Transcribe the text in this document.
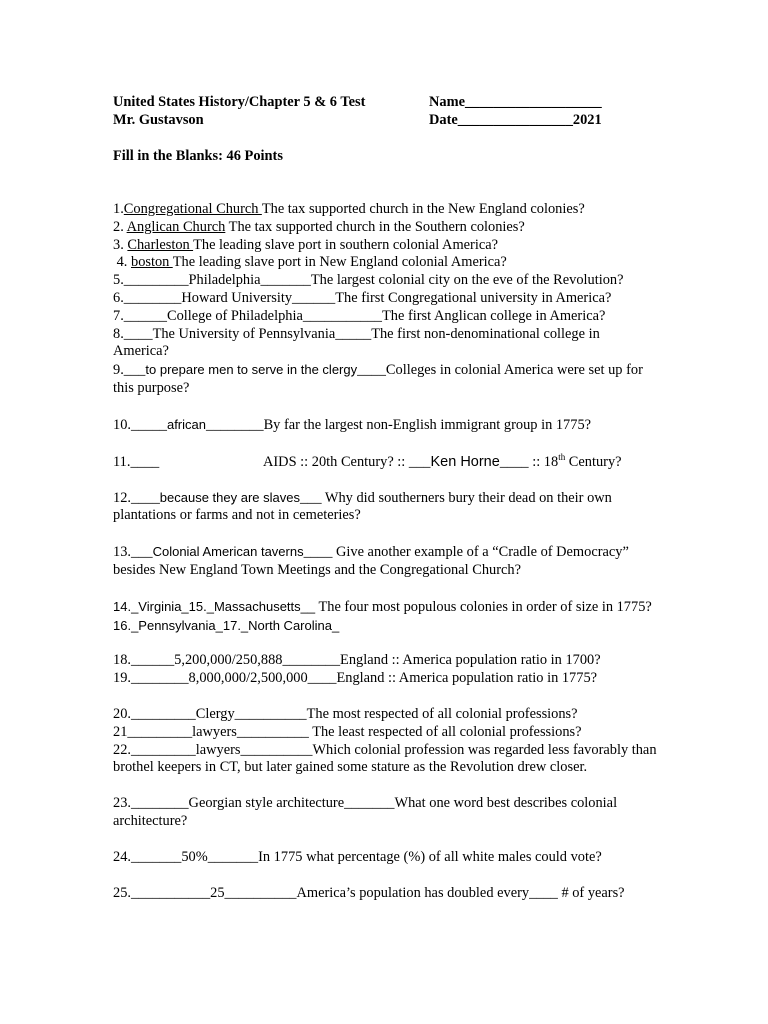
United States History/Chapter 5 & 6 Test
Mr. Gustavson
Name___________________
Date________________2021
Fill in the Blanks: 46 Points
1.Congregational Church The tax supported church in the New England colonies?
2. Anglican Church The tax supported church in the Southern colonies?
3. Charleston The leading slave port in southern colonial America?
4. boston The leading slave port in New England colonial America?
5._________Philadelphia_______The largest colonial city on the eve of the Revolution?
6.________Howard University______The first Congregational university in America?
7.______College of Philadelphia___________The first Anglican college in America?
8.____The University of Pennsylvania_____The first non-denominational college in America?
9.___to prepare men to serve in the clergy____Colleges in colonial America were set up for this purpose?
10._____african________By far the largest non-English immigrant group in 1775?
11.____	AIDS :: 20th Century? :: ___Ken Horne____ :: 18th Century?
12.____because they are slaves___ Why did southerners bury their dead on their own plantations or farms and not in cemeteries?
13.___Colonial American taverns____ Give another example of a “Cradle of Democracy” besides New England Town Meetings and the Congregational Church?
14._Virginia_15._Massachusetts__ The four most populous colonies in order of size in 1775?
16._Pennsylvania_17._North Carolina_
18.______5,200,000/250,888________England :: America population ratio in 1700?
19.________8,000,000/2,500,000____England :: America population ratio in 1775?
20._________Clergy__________The most respected of all colonial professions?
21_________lawyers__________ The least respected of all colonial professions?
22._________lawyers__________Which colonial profession was regarded less favorably than brothel keepers in CT, but later gained some stature as the Revolution drew closer.
23.________Georgian style architecture_______What one word best describes colonial architecture?
24._______50%_______In 1775 what percentage (%) of all white males could vote?
25.___________25__________America’s population has doubled every____ # of years?
